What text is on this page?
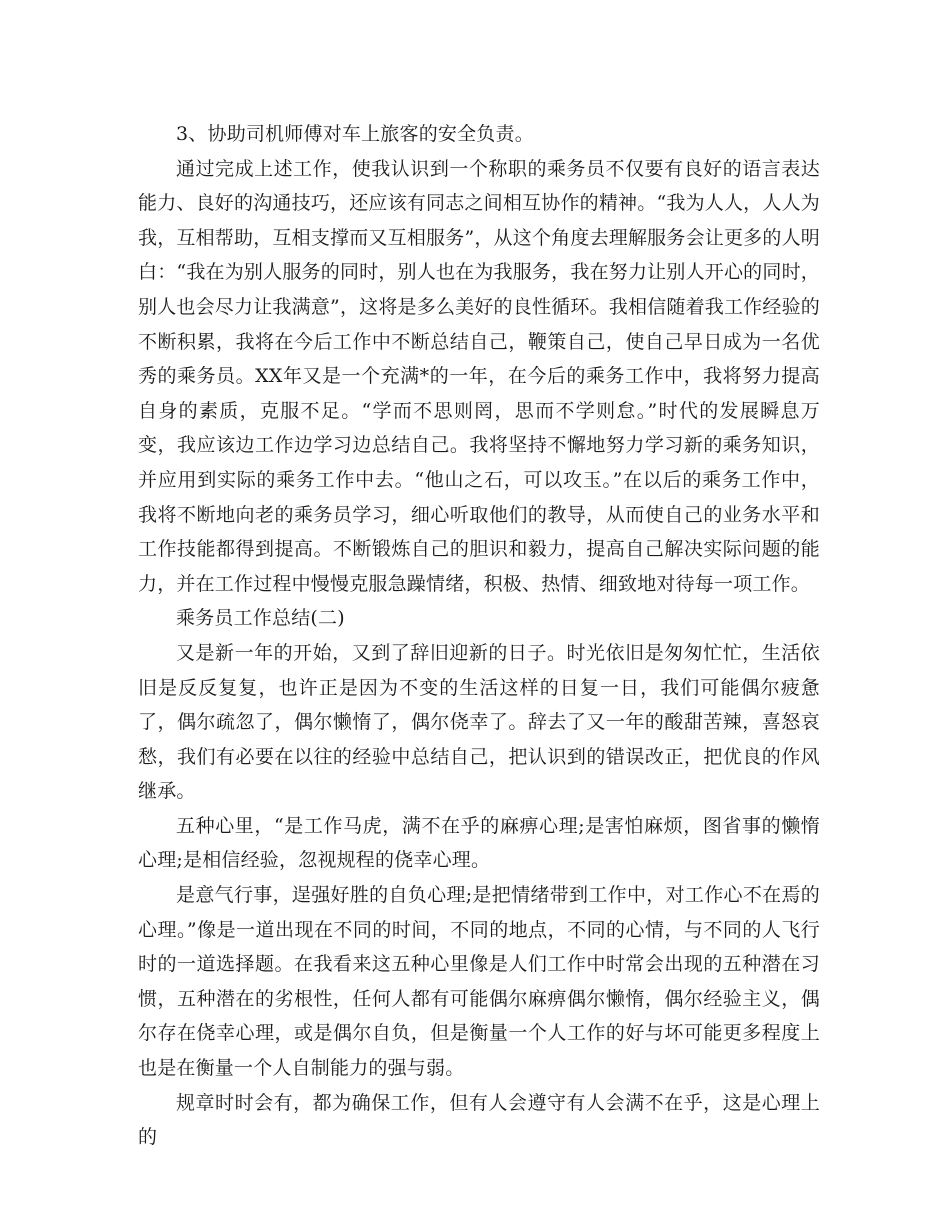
3、协助司机师傅对车上旅客的安全负责。

通过完成上述工作，使我认识到一个称职的乘务员不仅要有良好的语言表达能力、良好的沟通技巧，还应该有同志之间相互协作的精神。“我为人人，人人为我，互相帮助，互相支撑而又互相服务”，从这个角度去理解服务会让更多的人明白：“我在为别人服务的同时，别人也在为我服务，我在努力让别人开心的同时，别人也会尽力让我满意”，这将是多么美好的良性循环。我相信随着我工作经验的不断积累，我将在今后工作中不断总结自己，鞭策自己，使自己早日成为一名优秀的乘务员。XX年又是一个充满*的一年，在今后的乘务工作中，我将努力提高自身的素质，克服不足。“学而不思则罔，思而不学则怠。”时代的发展瞬息万变，我应该边工作边学习边总结自己。我将坚持不懈地努力学习新的乘务知识，并应用到实际的乘务工作中去。“他山之石，可以攻玉。”在以后的乘务工作中，我将不断地向老的乘务员学习，细心听取他们的教导，从而使自己的业务水平和工作技能都得到提高。不断锻炼自己的胆识和毅力，提高自己解决实际问题的能力，并在工作过程中慢慢克服急躁情绪，积极、热情、细致地对待每一项工作。

乘务员工作总结(二)

又是新一年的开始，又到了辞旧迎新的日子。时光依旧是匆匆忙忙，生活依旧是反反复复，也许正是因为不变的生活这样的日复一日，我们可能偶尔疲惫了，偶尔疏忽了，偶尔懒惰了，偶尔侥幸了。辞去了又一年的酸甜苦辣，喜怒哀愁，我们有必要在以往的经验中总结自己，把认识到的错误改正，把优良的作风继承。

五种心里，“是工作马虎，满不在乎的麻痹心理;是害怕麻烦，图省事的懒惰心理;是相信经验，忽视规程的侥幸心理。

是意气行事，逞强好胜的自负心理;是把情绪带到工作中，对工作心不在焉的心理。”像是一道出现在不同的时间，不同的地点，不同的心情，与不同的人飞行时的一道选择题。在我看来这五种心里像是人们工作中时常会出现的五种潜在习惯，五种潜在的劣根性，任何人都有可能偶尔麻痹偶尔懒惰，偶尔经验主义，偶尔存在侥幸心理，或是偶尔自负，但是衡量一个人工作的好与坏可能更多程度上也是在衡量一个人自制能力的强与弱。

规章时时会有，都为确保工作，但有人会遵守有人会满不在乎，这是心理上的
